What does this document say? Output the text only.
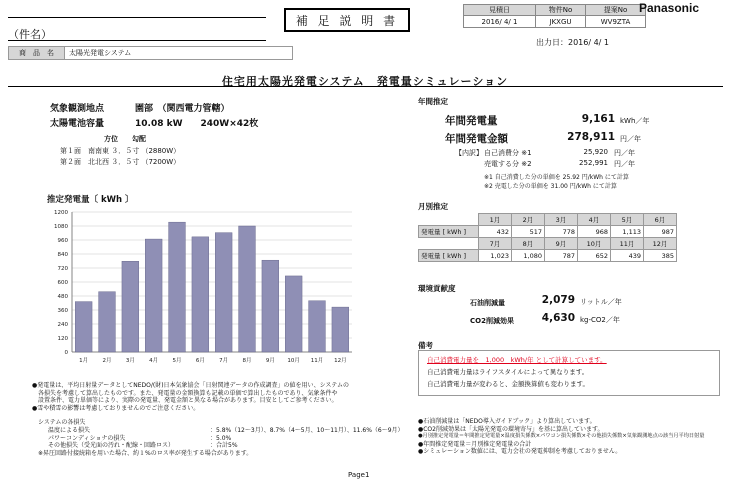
（件名）
商　品　名	太陽光発電システム
補 足 説 明 書
見積日	物件No	提案No
2016/ 4/ 1	JKXGU	WV9ZTA
Panasonic
出力日：2016/ 4/ 1
住宅用太陽光発電システム　発電量シミュレーション
気象観測地点	園部　（関西電力管轄）
太陽電池容量	10.08 kW　　240W×42枚
方位　　勾配
第１面　南南東 ３．５寸 （2880W）
第２面　北北西 ３．５寸 （7200W）
推定発電量〔 kWh 〕
0
120
240
360
480
600
720
840
960
1080
1200
1月	2月	3月	4月	5月	6月	7月	8月	9月 10月 11月 12月
年間推定
年間発電量	9,161 kWh／年
年間発電金額	278,911 円／年
【内訳】 自己消費分 ※1	25,920 円／年
売電する分 ※2	252,991 円／年
※1 自己消費した分の単価を 25.92 円/kWh にて計算
※2 売電した分の単価を 31.00 円/kWh にて計算
月別推定
	1月	2月	3月	4月	5月	6月
発電量 [ kWh ]	432	517	778	968	1,113	987
	7月	8月	9月	10月	11月	12月
発電量 [ kWh ]	1,023	1,080	787	652	439	385
環境貢献度
石油削減量	2,079 リットル／年
CO2削減効果	4,630 kg-CO2／年
備考
自己消費電力量を　1,000　kWh/年 として計算しています。
自己消費電力量はライフスタイルによって異なります。
自己消費電力量が変わると、金額換算値も変わります。
●発電量は、平均日射量データとしてNEDO/(財)日本気象協会「日射関連データの作成調査」の値を用い、システムの
　各損失を考慮して算出したものです。また、発電量の金額換算も記載の単価で算出したものであり、気象条件や
　設置条件、電力単価等により、実際の発電量、発電金額と異なる場合があります。目安としてご参考ください。
●雪や積雪の影響は考慮しておりませんのでご注意ください。
システムの各損失
温度による損失	：5.8%（12～3月）、8.7%（4～5月、10～11月）、11.6%（6～9月）
パワーコンディショナの損失	：5.0%
その他損失（受光面の汚れ・配線・回路ロス）	：合計5%
※昇圧回路付接続箱を用いた場合、約１%のロス率が発生する場合があります。
●石油削減量は「NEDO導入ガイドブック」より算出しています。
●CO2削減効果は「太陽光発電の環境寄与」を基に算出しています。
●月別推定発電量＝年間推定発電量×温度損失係数×パワコン損失係数×その他損失係数×気象観測地点の該当月平均日射量
●年間推定発電量＝月別推定発電量の合計
●シミュレーション数値には、電力会社の発電抑制を考慮しておりません。
Page1
